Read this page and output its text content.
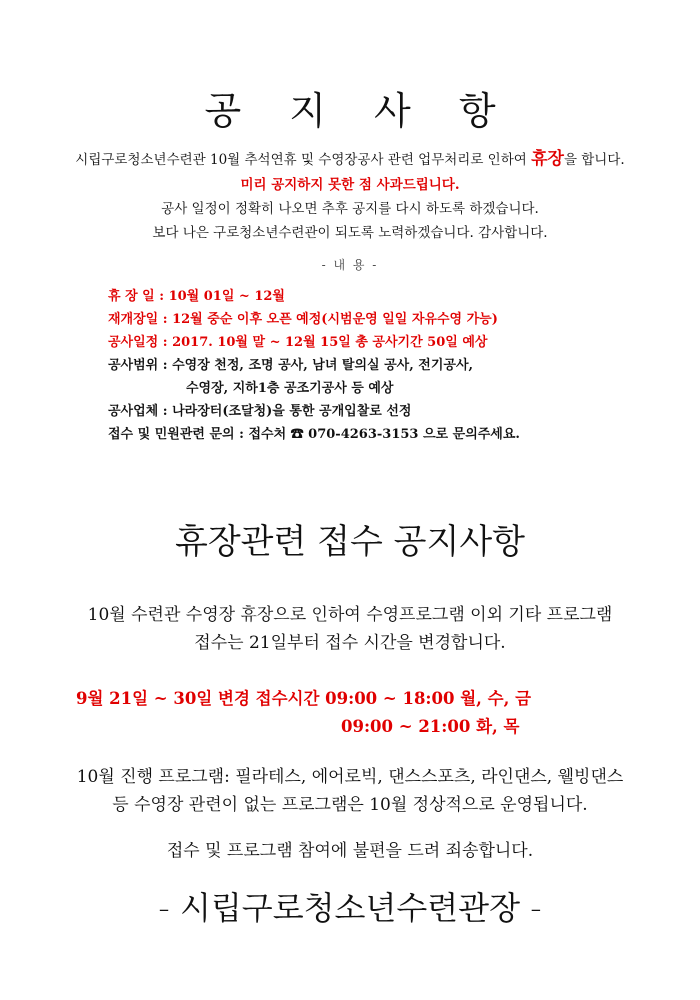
공 지 사 항
시립구로청소년수련관 10월 추석연휴 및 수영장공사 관련 업무처리로 인하여 휴장을 합니다.
미리 공지하지 못한 점 사과드립니다.
공사 일정이 정확히 나오면 추후 공지를 다시 하도록 하겠습니다.
보다 나은 구로청소년수련관이 되도록 노력하겠습니다. 감사합니다.
- 내 용 -
휴 장 일 : 10월 01일 ~ 12월
재개장일 : 12월 중순 이후 오픈 예정(시범운영 일일 자유수영 가능)
공사일정 : 2017. 10월 말 ~ 12월 15일 총 공사기간 50일 예상
공사범위 : 수영장 천정, 조명 공사, 남녀 탈의실 공사, 전기공사,
수영장, 지하1층 공조기공사 등 예상
공사업체 : 나라장터(조달청)을 통한 공개입찰로 선정
접수 및 민원관련 문의 : 접수처 ☎ 070-4263-3153 으로 문의주세요.
휴장관련 접수 공지사항
10월 수련관 수영장 휴장으로 인하여 수영프로그램 이외 기타 프로그램
접수는 21일부터 접수 시간을 변경합니다.
9월 21일 ~ 30일 변경 접수시간 09:00 ~ 18:00 월, 수, 금
09:00 ~ 21:00 화, 목
10월 진행 프로그램: 필라테스, 에어로빅, 댄스스포츠, 라인댄스, 웰빙댄스
등 수영장 관련이 없는 프로그램은 10월 정상적으로 운영됩니다.
접수 및 프로그램 참여에 불편을 드려 죄송합니다.
- 시립구로청소년수련관장 -
